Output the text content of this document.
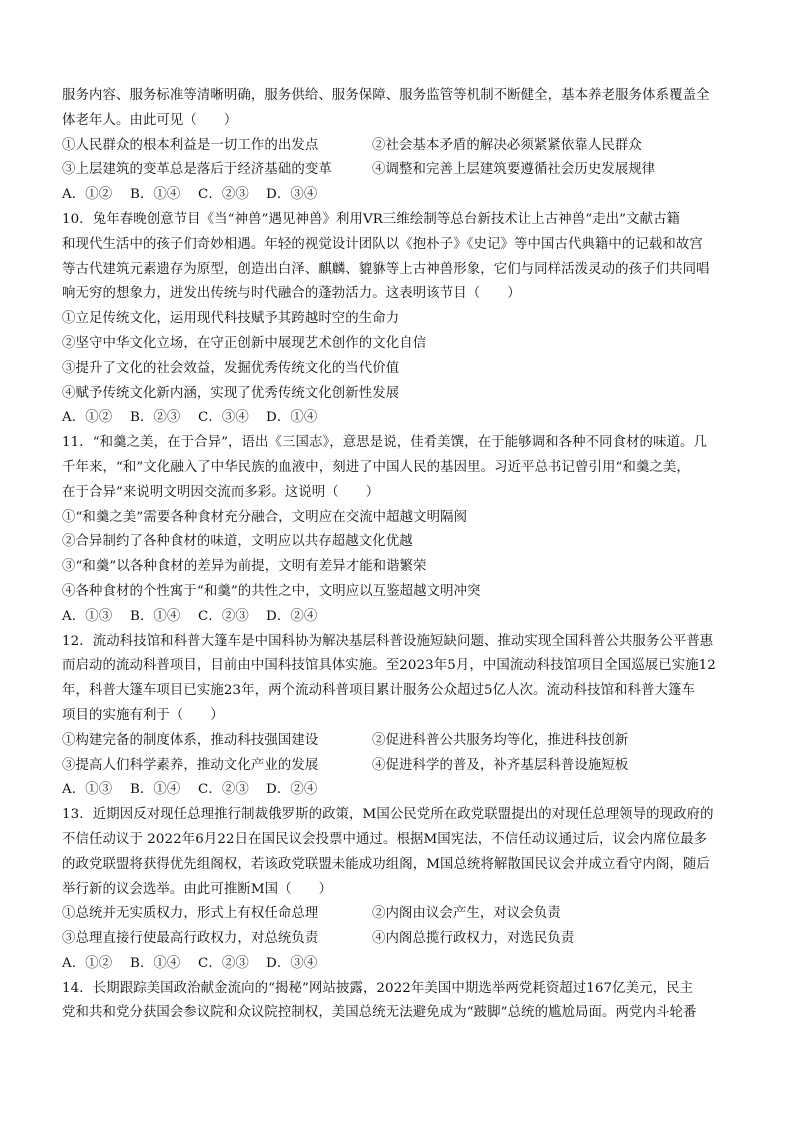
服务内容、服务标准等清晰明确，服务供给、服务保障、服务监管等机制不断健全，基本养老服务体系覆盖全
体老年人。由此可见（　　）
①人民群众的根本利益是一切工作的出发点	②社会基本矛盾的解决必须紧紧依靠人民群众
③上层建筑的变革总是落后于经济基础的变革	④调整和完善上层建筑要遵循社会历史发展规律
A．①②	B．①④	C．②③	D．③④
10．兔年春晚创意节目《当“神兽”遇见神兽》利用VR三维绘制等总台新技术让上古神兽“走出”文献古籍
和现代生活中的孩子们奇妙相遇。年轻的视觉设计团队以《抱朴子》《史记》等中国古代典籍中的记载和故宫
等古代建筑元素遗存为原型，创造出白泽、麒麟、貔貅等上古神兽形象，它们与同样活泼灵动的孩子们共同唱
响无穷的想象力，迸发出传统与时代融合的蓬勃活力。这表明该节目（　　）
①立足传统文化，运用现代科技赋予其跨越时空的生命力
②坚守中华文化立场，在守正创新中展现艺术创作的文化自信
③提升了文化的社会效益，发掘优秀传统文化的当代价值
④赋予传统文化新内涵，实现了优秀传统文化创新性发展
A．①②	B．②③	C．③④	D．①④
11．“和羹之美，在于合异”，语出《三国志》，意思是说，佳肴美馔，在于能够调和各种不同食材的味道。几
千年来，“和”文化融入了中华民族的血液中，刻进了中国人民的基因里。习近平总书记曾引用“和羹之美，
在于合异”来说明文明因交流而多彩。这说明（　　）
①“和羹之美”需要各种食材充分融合，文明应在交流中超越文明隔阂
②合异制约了各种食材的味道，文明应以共存超越文化优越
③“和羹”以各种食材的差异为前提，文明有差异才能和谐繁荣
④各种食材的个性寓于“和羹”的共性之中，文明应以互鉴超越文明冲突
A．①③	B．①④	C．②③	D．②④
12．流动科技馆和科普大篷车是中国科协为解决基层科普设施短缺问题、推动实现全国科普公共服务公平普惠
而启动的流动科普项目，目前由中国科技馆具体实施。至2023年5月，中国流动科技馆项目全国巡展已实施12
年，科普大篷车项目已实施23年，两个流动科普项目累计服务公众超过5亿人次。流动科技馆和科普大篷车
项目的实施有利于（　　）
①构建完备的制度体系，推动科技强国建设	②促进科普公共服务均等化，推进科技创新
③提高人们科学素养，推动文化产业的发展	④促进科学的普及，补齐基层科普设施短板
A．①③	B．①④	C．②③	D．②④
13．近期因反对现任总理推行制裁俄罗斯的政策，M国公民党所在政党联盟提出的对现任总理领导的现政府的
不信任动议于 2022年6月22日在国民议会投票中通过。根据M国宪法，不信任动议通过后，议会内席位最多
的政党联盟将获得优先组阁权，若该政党联盟未能成功组阁，M国总统将解散国民议会并成立看守内阁，随后
举行新的议会选举。由此可推断M国（　　）
①总统并无实质权力，形式上有权任命总理	②内阁由议会产生，对议会负责
③总理直接行使最高行政权力，对总统负责	④内阁总揽行政权力，对选民负责
A．①②	B．①④	C．②③	D．③④
14．长期跟踪美国政治献金流向的“揭秘”网站披露，2022年美国中期选举两党耗资超过167亿美元，民主
党和共和党分获国会参议院和众议院控制权，美国总统无法避免成为“跛脚”总统的尴尬局面。两党内斗轮番
